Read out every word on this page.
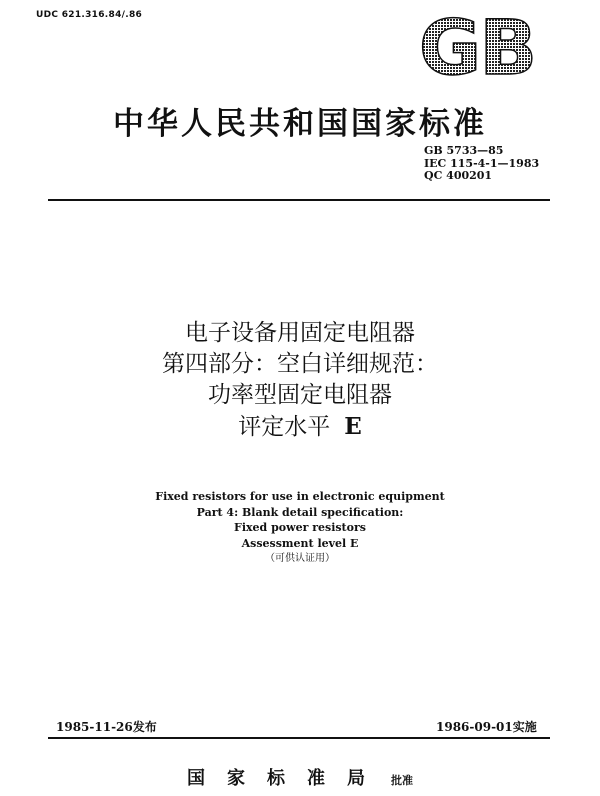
UDC 621.316.84/.86	GB
中华人民共和国国家标准
GB 5733—85
IEC 115-4-1—1983
QC 400201
电子设备用固定电阻器
第四部分：空白详细规范：
功率型固定电阻器
评定水平 E
Fixed resistors for use in electronic equipment
Part 4: Blank detail specification:
Fixed power resistors
Assessment level E
（可供认证用）
1985-11-26发布	1986-09-01实施
国家标准局 批准
